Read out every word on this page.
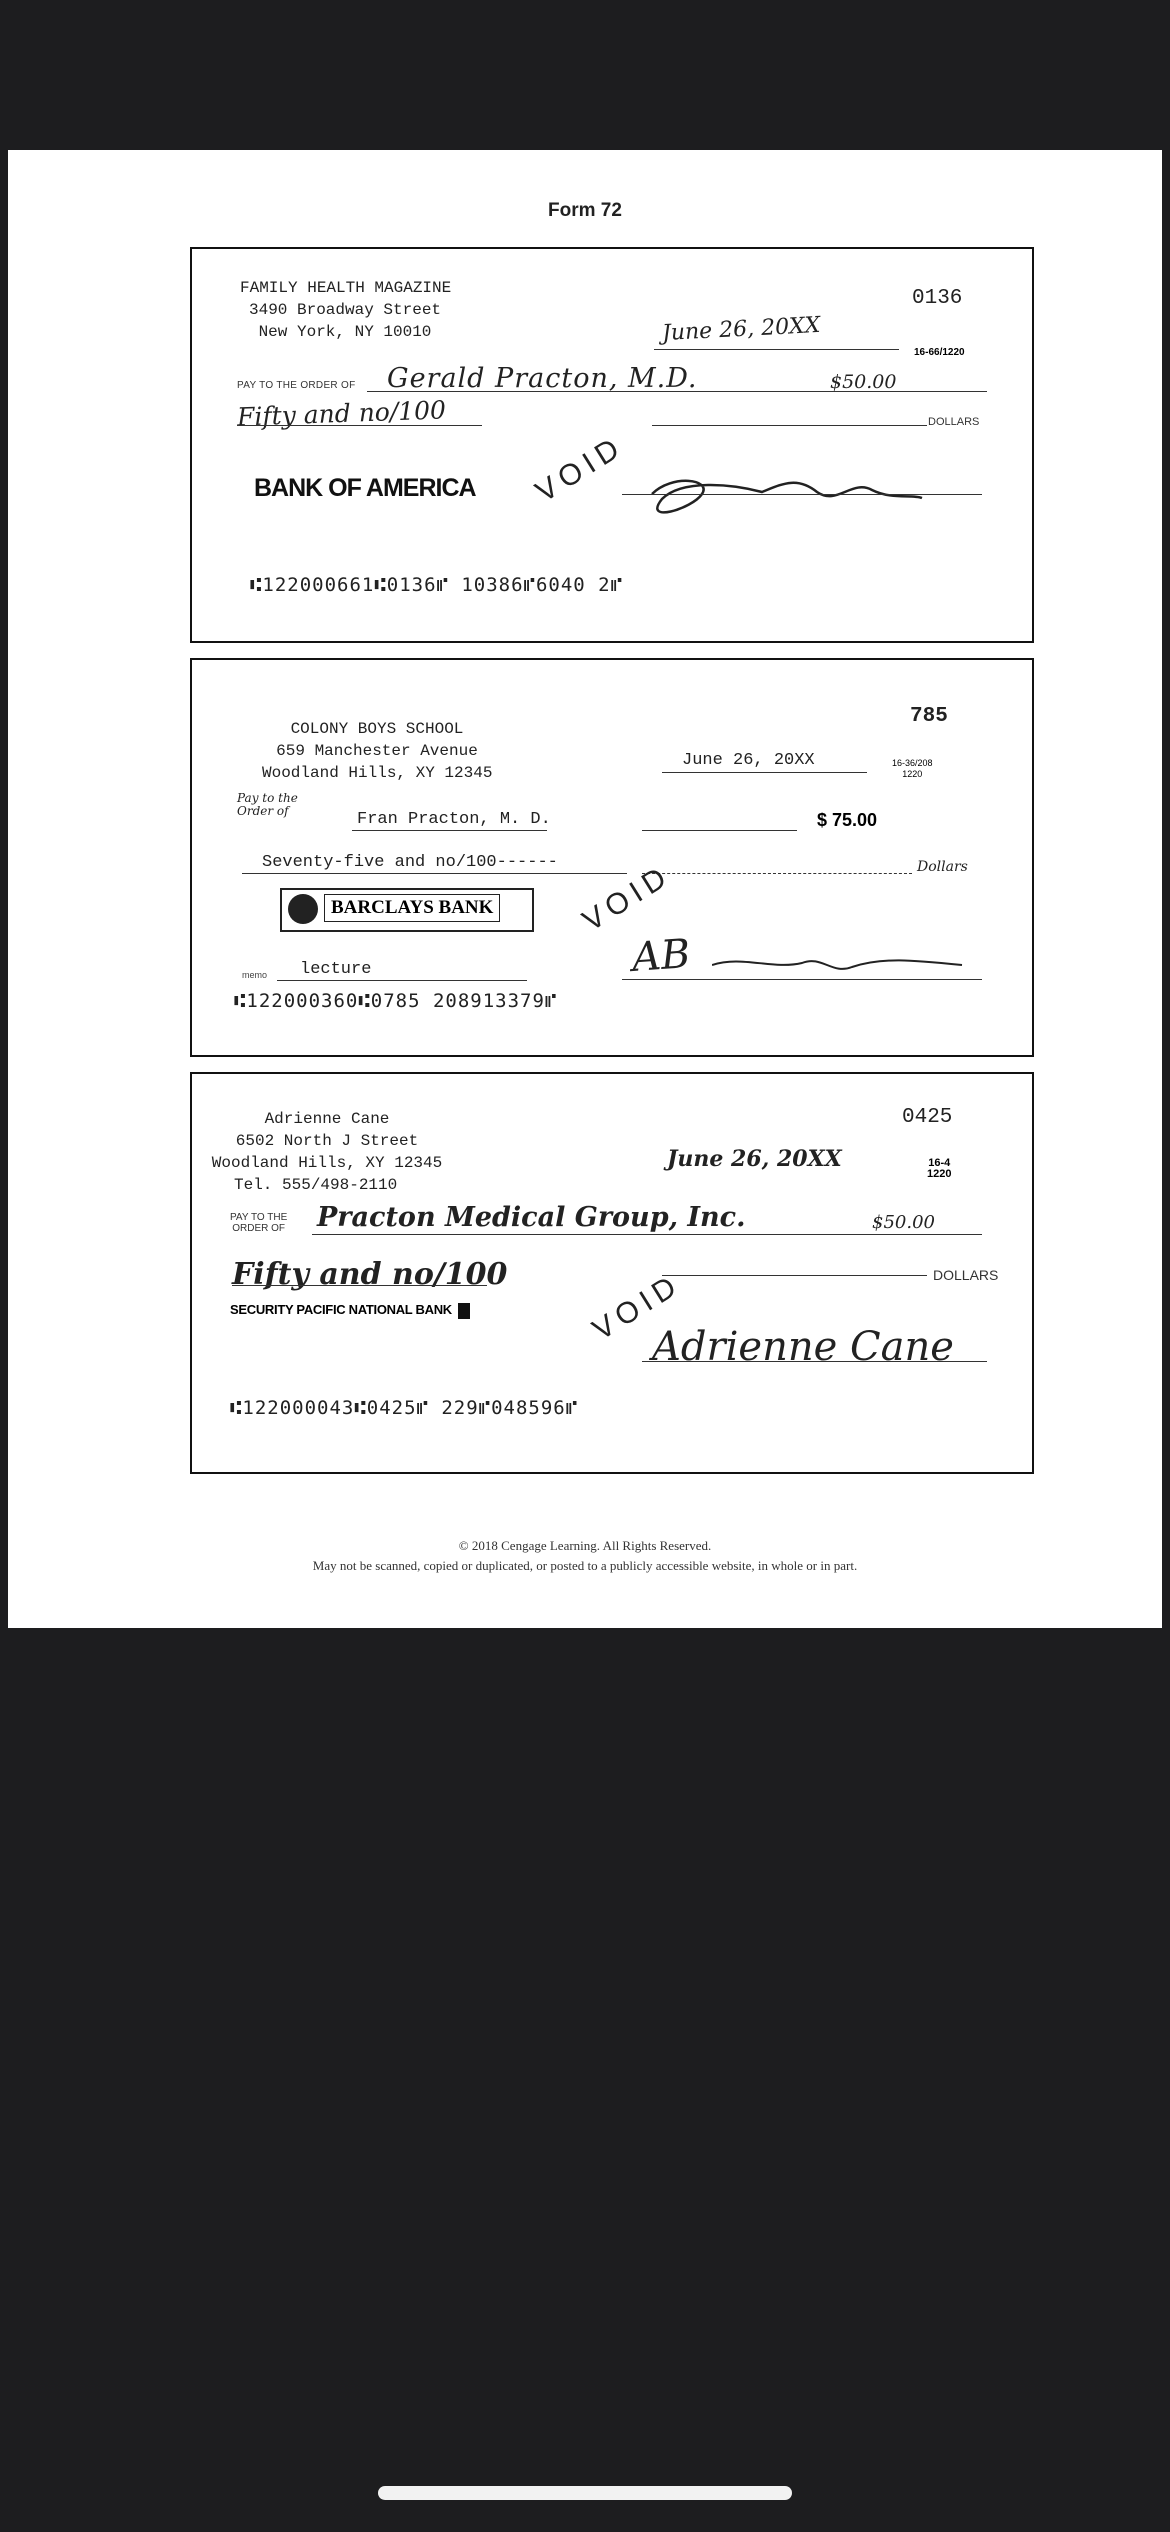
Form 72
FAMILY HEALTH MAGAZINE
3490 Broadway Street
New York, NY 10010
0136
June 26, 20XX
16-66/1220
PAY TO THE ORDER OF Gerald Practon, M.D.	$50.00
Fifty and no/100	DOLLARS
VOID
BANK OF AMERICA
⑆122000661⑆0136⑈ 10386⑈6040 2⑈
COLONY BOYS SCHOOL
659 Manchester Avenue
Woodland Hills, XY 12345
785
June 26, 20XX	16-36/208
1220
Pay to the Order of	Fran Practon, M. D.	$ 75.00
Seventy-five and no/100------	Dollars
VOID
BARCLAYS BANK
memo lecture	AB
⑆122000360⑆0785 208913379⑈
Adrienne Cane
6502 North J Street
Woodland Hills, XY 12345
Tel. 555/498-2110
0425
June 26, 20XX	16-4
1220
PAY TO THE
ORDER OF Practon Medical Group, Inc.	$50.00
Fifty and no/100	DOLLARS
VOID
SECURITY PACIFIC NATIONAL BANK
Adrienne Cane
⑆122000043⑆0425⑈ 229⑈048596⑈
© 2018 Cengage Learning. All Rights Reserved.
May not be scanned, copied or duplicated, or posted to a publicly accessible website, in whole or in part.
